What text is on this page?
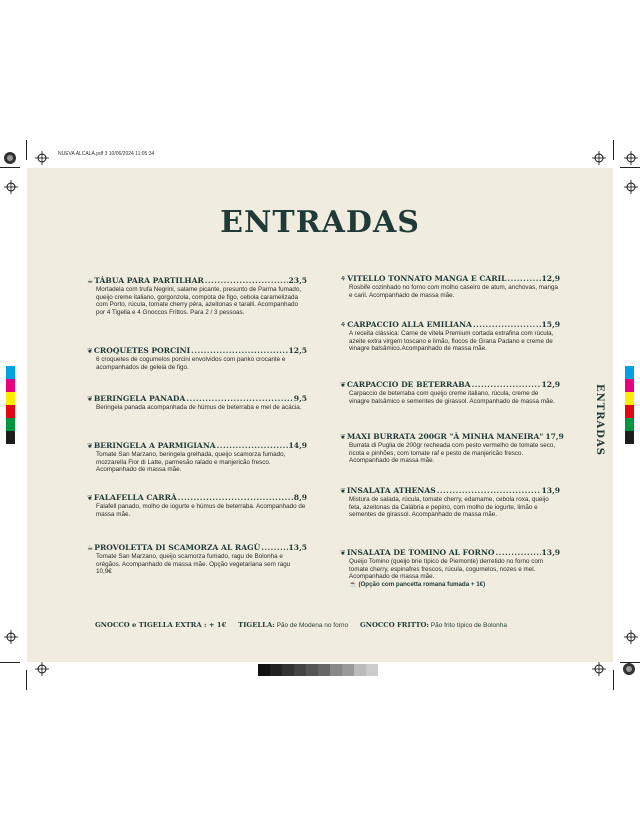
NUEVA ALCALÁ.pdf 3 10/06/2024 11:05:34
ENTRADAS
ENTRADAS
☕ TÁBUA PARA PARTILHAR .....	23,5
Mortadela com trufa Negrini, salame picante, presunto de Parma fumado, queijo creme italiano, gorgonzola, compota de figo, cebola caramelizada com Porto, rúcula, tomate cherry pêra, azeitonas e taralli. Acompanhado por 4 Tigella e 4 Gnoccos Frittos. Para 2 / 3 pessoas.
❦ CROQUETES PORCINI .....	12,5
6 croquetes de cogumelos porcini envolvidos com panko crocante e acompanhados de geleia de figo.
❦ BERINGELA PANADA .....	9,5
Beringela panada acompanhada de húmus de beterraba e mel de acácia.
❦ BERINGELA A PARMIGIANA .....	14,9
Tomate San Marzano, beringela grelhada, queijo scamorza fumado, mozzarella Fior di Latte, parmesão ralado e manjericão fresco. Acompanhado de massa mãe.
❦ FALAFELLA CARRÁ .....	8,9
Falafell panado, molho de iogurte e húmus de beterraba. Acompanhado de massa mãe.
☕ PROVOLETTA DI SCAMORZA AL RAGÙ .....	13,5
Tomate San Marzano, queijo scamorza fumado, ragu de Bolonha e orégãos. Acompanhado de massa mãe. Opção vegetariana sem ragu 10,9€
⚘ VITELLO TONNATO MANGA E CARIL .....	12,9
Rosbife cozinhado no forno com molho caseiro de atum, anchovas, manga e caril. Acompanhado de massa mãe.
⚘ CARPACCIO ALLA EMILIANA .....	15,9
A receita clássica: Carne de vitela Premium cortada extrafina com rúcula, azeite extra virgem toscano e limão, flocos de Grana Padano e creme de vinagre balsâmico.Acompanhado de massa mãe.
❦ CARPACCIO DE BETERRABA .....	12,9
Carpaccio de beterraba com queijo creme italiano, rúcula, creme de vinagre balsâmico e sementes de girassol. Acompanhado de massa mãe.
❦ MAXI BURRATA 200GR "À MINHA MANEIRA" 17,9
Burrata di Puglia de 200gr recheada com pesto vermelho de tomate seco, ricota e pinhões, com tomate raf e pesto de manjericão fresco. Acompanhado de massa mãe.
❦ INSALATA ATHENAS .....	13,9
Mistura de salada, rúcula, tomate cherry, edamame, cebola roxa, queijo feta, azeitonas da Calábria e pepino, com molho de iogurte, limão e sementes de girassol. Acompanhado de massa mãe.
❦ INSALATA DE TOMINO AL FORNO .....	13,9
Queijo Tomino (queijo brie típico de Piemonte) derretido no forno com tomate cherry, espinafres frescos, rúcula, cogumelos, nozes e mel. Acompanhado de massa mãe.
☕ (Opção com pancetta romana fumada + 1€)
GNOCCO e TIGELLA EXTRA : + 1€ TIGELLA: Pão de Modena no forno GNOCCO FRITTO: Pão frito típico de Bolonha
